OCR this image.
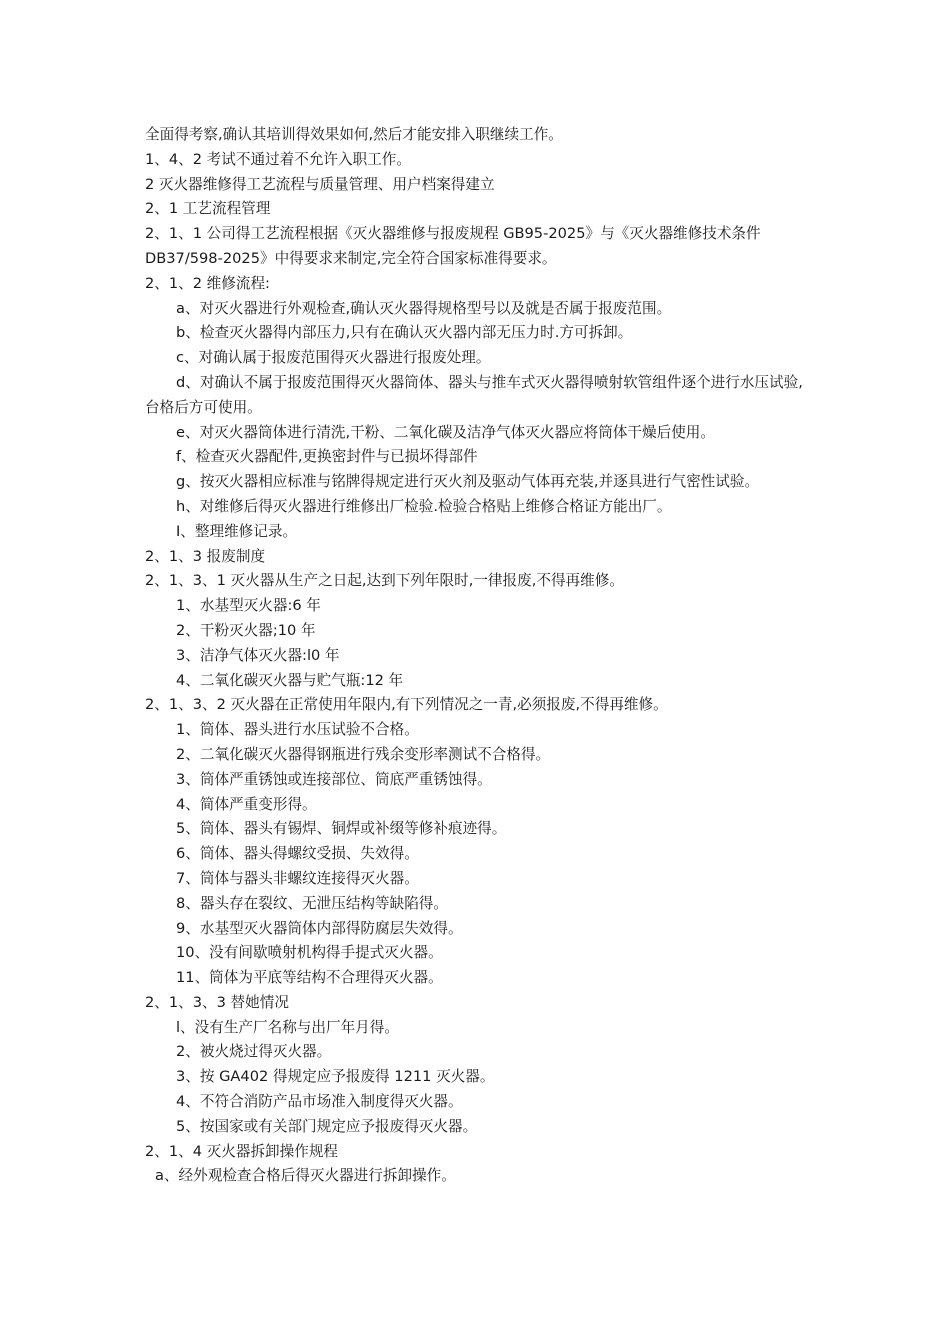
全面得考察,确认其培训得效果如何,然后才能安排入职继续工作。

1、4、2 考试不通过着不允许入职工作。

2 灭火器维修得工艺流程与质量管理、用户档案得建立

2、1 工艺流程管理

2、1、1 公司得工艺流程根据《灭火器维修与报废规程 GB95-2025》与《灭火器维修技术条件 DB37/598-2025》中得要求来制定,完全符合国家标准得要求。

2、1、2 维修流程:

a、对灭火器进行外观检查,确认灭火器得规格型号以及就是否属于报废范围。

b、检查灭火器得内部压力,只有在确认灭火器内部无压力时.方可拆卸。

c、对确认属于报废范围得灭火器进行报废处理。

d、对确认不属于报废范围得灭火器筒体、器头与推车式灭火器得喷射软管组件逐个进行水压试验,台格后方可使用。

e、对灭火器筒体进行清洗,干粉、二氧化碳及洁净气体灭火器应将筒体干燥后使用。

f、检查灭火器配件,更换密封件与已损坏得部件

g、按灭火器相应标准与铭牌得规定进行灭火剂及驱动气体再充装,并逐具进行气密性试验。

h、对维修后得灭火器进行维修出厂检验.检验合格贴上维修合格证方能出厂。

I、整理维修记录。

2、1、3 报废制度

2、1、3、1 灭火器从生产之日起,达到下列年限时,一律报废,不得再维修。

1、水基型灭火器:6 年

2、干粉灭火器;10 年

3、洁净气体灭火器:l0 年

4、二氧化碳灭火器与贮气瓶:12 年

2、1、3、2 灭火器在正常使用年限内,有下列情况之一青,必须报废,不得再维修。

1、筒体、器头进行水压试验不合格。

2、二氧化碳灭火器得钢瓶进行残余变形率测试不合格得。

3、筒体严重锈蚀或连接部位、筒底严重锈蚀得。

4、简体严重变形得。

5、筒体、器头有锡焊、铜焊或补缀等修补痕迹得。

6、筒体、器头得螺纹受损、失效得。

7、筒体与器头非螺纹连接得灭火器。

8、器头存在裂纹、无泄压结构等缺陷得。

9、水基型灭火器筒体内部得防腐层失效得。

10、没有间歇喷射机构得手提式灭火器。

11、筒体为平底等结构不合理得灭火器。

2、1、3、3 替她情况

l、没有生产厂名称与出厂年月得。

2、被火烧过得灭火器。

3、按 GA402 得规定应予报废得 1211 灭火器。

4、不符合消防产品市场准入制度得灭火器。

5、按国家或有关部门规定应予报废得灭火器。

2、1、4 灭火器拆卸操作规程

a、经外观检查合格后得灭火器进行拆卸操作。
